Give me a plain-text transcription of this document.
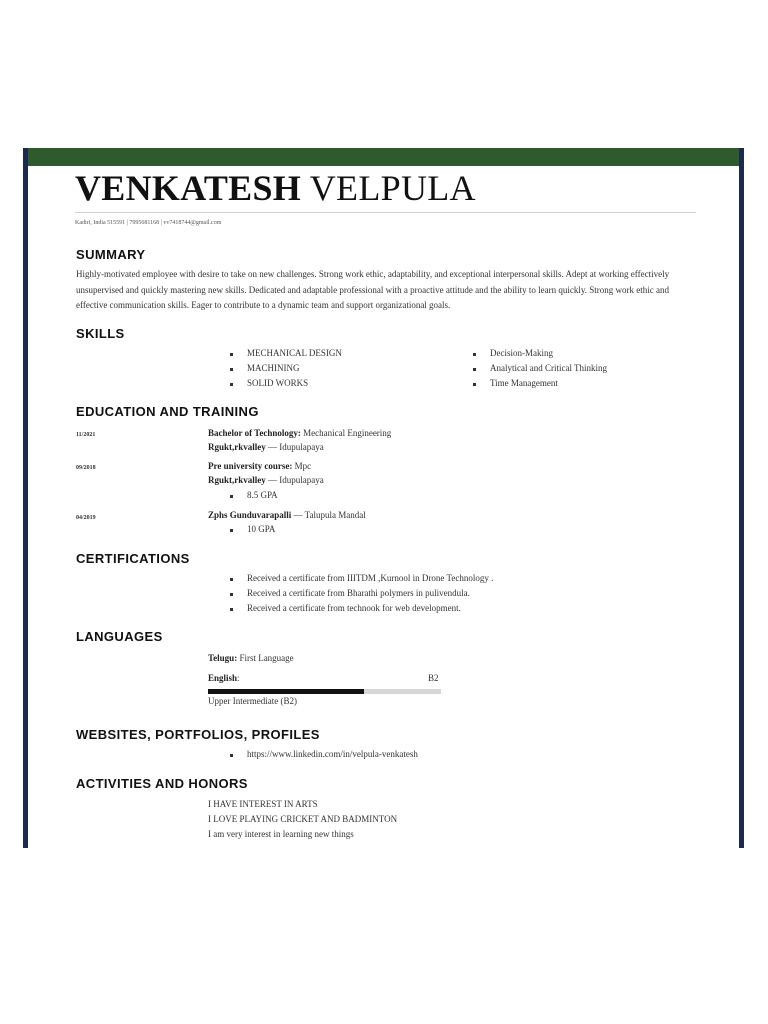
VENKATESH VELPULA
Kadiri, India 515591 | 7995681168 | vv7418744@gmail.com
SUMMARY
Highly-motivated employee with desire to take on new challenges. Strong work ethic, adaptability, and exceptional interpersonal skills. Adept at working effectively unsupervised and quickly mastering new skills. Dedicated and adaptable professional with a proactive attitude and the ability to learn quickly. Strong work ethic and effective communication skills. Eager to contribute to a dynamic team and support organizational goals.
SKILLS
MECHANICAL DESIGN
MACHINING
SOLID WORKS
Decision-Making
Analytical and Critical Thinking
Time Management
EDUCATION AND TRAINING
11/2021	Bachelor of Technology: Mechanical Engineering
Rgukt,rkvalley — Idupulapaya
09/2018	Pre university course: Mpc
Rgukt,rkvalley — Idupulapaya
8.5 GPA
04/2019	Zphs Gunduvarapalli — Talupula Mandal
10 GPA
CERTIFICATIONS
Received a certificate from IIITDM ,Kurnool in Drone Technology .
Received a certificate from Bharathi polymers in pulivendula.
Received a certificate from technook for web development.
LANGUAGES
Telugu: First Language
English:	B2
Upper Intermediate (B2)
WEBSITES, PORTFOLIOS, PROFILES
https://www.linkedin.com/in/velpula-venkatesh
ACTIVITIES AND HONORS
I HAVE INTEREST IN ARTS
I LOVE PLAYING CRICKET AND BADMINTON
I am very interest in learning new things
